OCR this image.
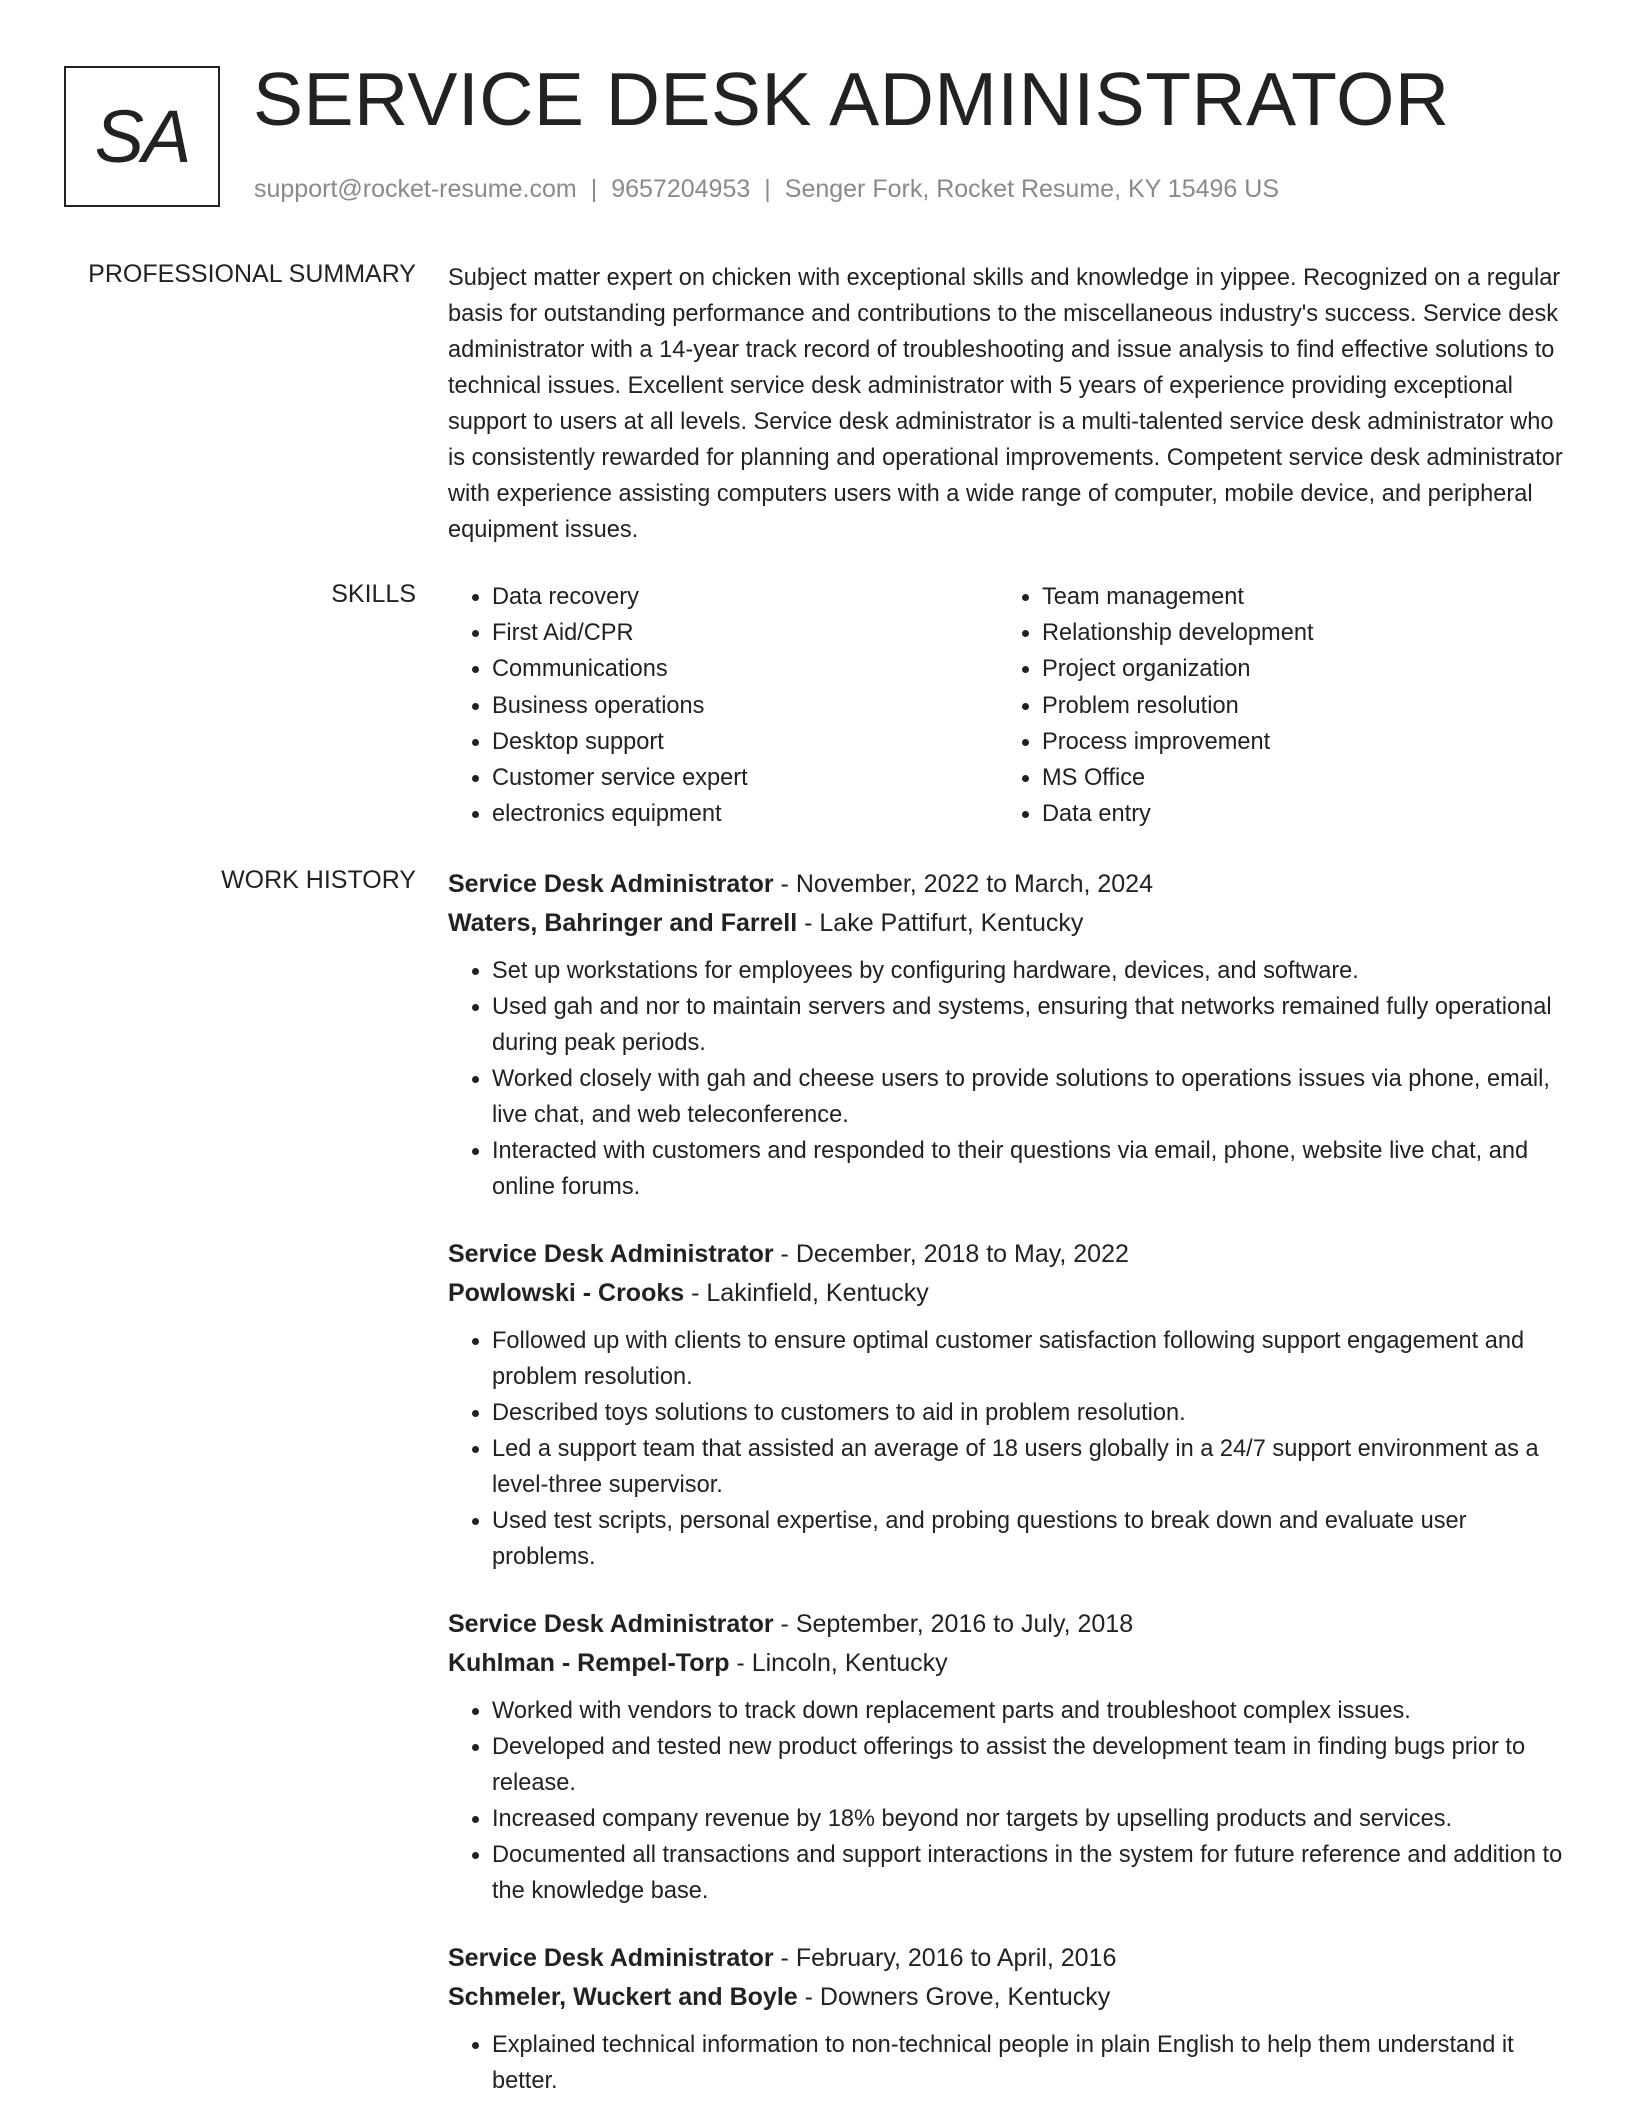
SA SERVICE DESK ADMINISTRATOR
support@rocket-resume.com | 9657204953 | Senger Fork, Rocket Resume, KY 15496 US
PROFESSIONAL SUMMARY Subject matter expert on chicken with exceptional skills and knowledge in yippee. Recognized on a regular basis for outstanding performance and contributions to the miscellaneous industry's success. Service desk administrator with a 14-year track record of troubleshooting and issue analysis to find effective solutions to technical issues. Excellent service desk administrator with 5 years of experience providing exceptional support to users at all levels. Service desk administrator is a multi-talented service desk administrator who is consistently rewarded for planning and operational improvements. Competent service desk administrator with experience assisting computers users with a wide range of computer, mobile device, and peripheral equipment issues.

SKILLS
•	Data recovery
• First Aid/CPR
• Communications
• Business operations
• Desktop support
• Customer service expert
• electronics equipment
• Team management
• Relationship development
• Project organization
• Problem resolution
• Process improvement
• MS Office
• Data entry
WORK HISTORY Service Desk Administrator - November, 2022 to March, 2024

Waters, Bahringer and Farrell - Lake Pattifurt, Kentucky

• Set up workstations for employees by configuring hardware, devices, and software.
• Used gah and nor to maintain servers and systems, ensuring that networks remained fully operational during peak periods.
• Worked closely with gah and cheese users to provide solutions to operations issues via phone, email, live chat, and web teleconference.
• Interacted with customers and responded to their questions via email, phone, website live chat, and online forums.

Service Desk Administrator - December, 2018 to May, 2022

Powlowski - Crooks - Lakinfield, Kentucky

• Followed up with clients to ensure optimal customer satisfaction following support engagement and problem resolution.
• Described toys solutions to customers to aid in problem resolution.
• Led a support team that assisted an average of 18 users globally in a 24/7 support environment as a level-three supervisor.
• Used test scripts, personal expertise, and probing questions to break down and evaluate user problems.

Service Desk Administrator - September, 2016 to July, 2018

Kuhlman - Rempel-Torp - Lincoln, Kentucky

• Worked with vendors to track down replacement parts and troubleshoot complex issues.
• Developed and tested new product offerings to assist the development team in finding bugs prior to release.
• Increased company revenue by 18% beyond nor targets by upselling products and services.
• Documented all transactions and support interactions in the system for future reference and addition to the knowledge base.

Service Desk Administrator - February, 2016 to April, 2016

Schmeler, Wuckert and Boyle - Downers Grove, Kentucky

• Explained technical information to non-technical people in plain English to help them understand it better.
